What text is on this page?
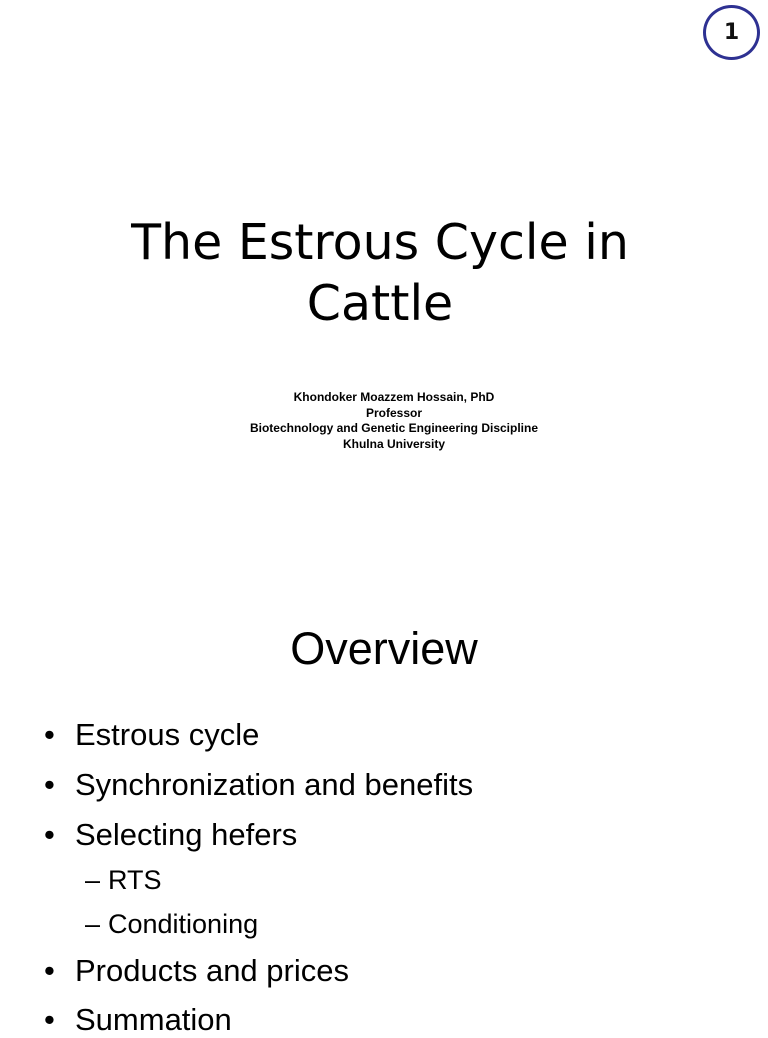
1
The Estrous Cycle in
Cattle
Khondoker Moazzem Hossain, PhD
Professor
Biotechnology and Genetic Engineering Discipline
Khulna University
Overview
• Estrous cycle
• Synchronization and benefits
• Selecting hefers
– RTS
– Conditioning
• Products and prices
• Summation
